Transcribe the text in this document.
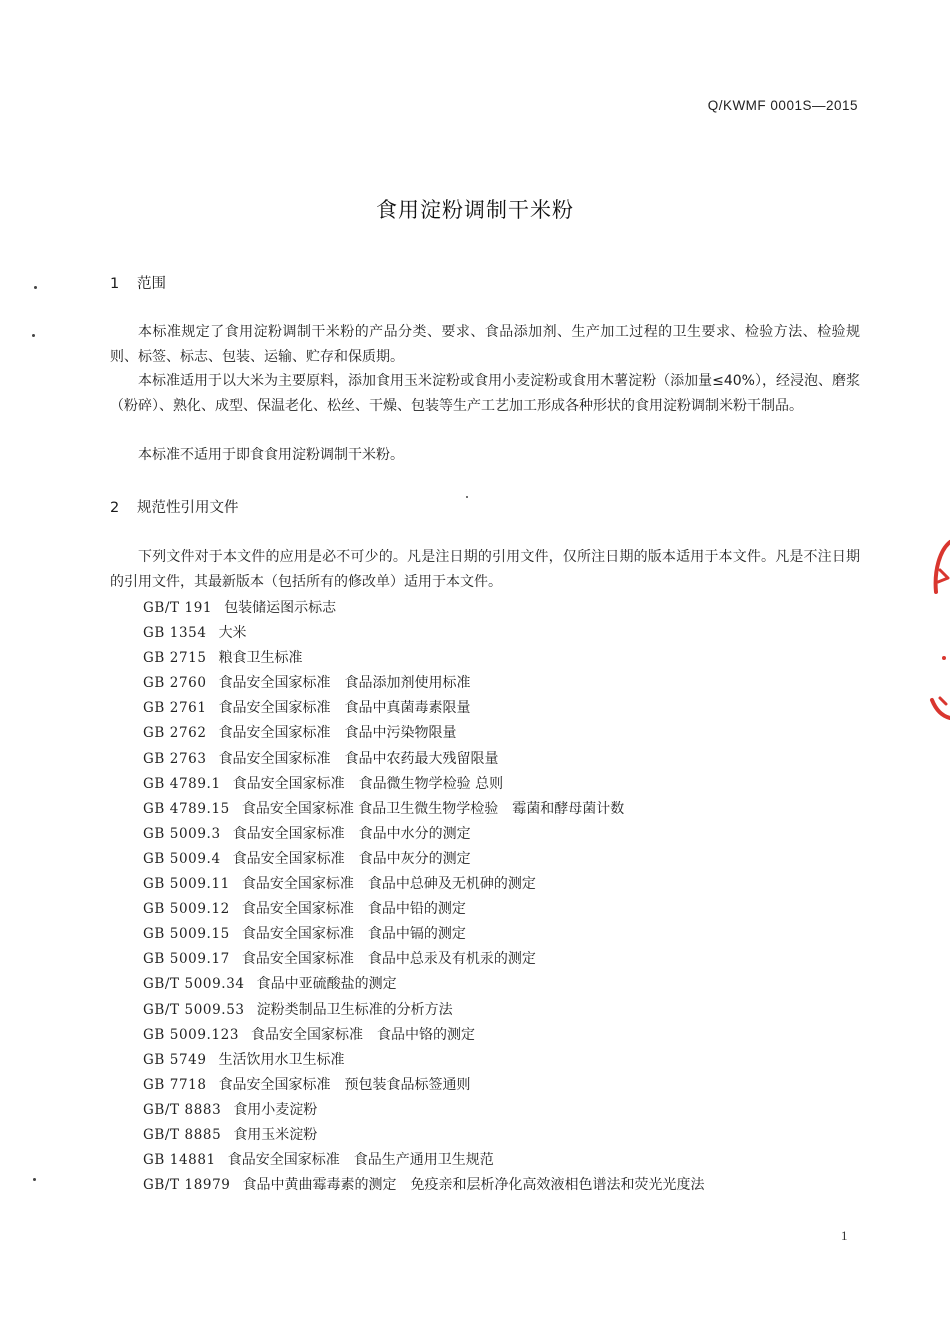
Q/KWMF 0001S—2015
食用淀粉调制干米粉
1 范围

本标准规定了食用淀粉调制干米粉的产品分类、要求、食品添加剂、生产加工过程的卫生要求、检验方法、检验规则、标签、标志、包装、运输、贮存和保质期。

本标准适用于以大米为主要原料，添加食用玉米淀粉或食用小麦淀粉或食用木薯淀粉（添加量≤40%），经浸泡、磨浆（粉碎）、熟化、成型、保温老化、松丝、干燥、包装等生产工艺加工形成各种形状的食用淀粉调制米粉干制品。

本标准不适用于即食食用淀粉调制干米粉。

2 规范性引用文件

下列文件对于本文件的应用是必不可少的。凡是注日期的引用文件，仅所注日期的版本适用于本文件。凡是不注日期的引用文件，其最新版本（包括所有的修改单）适用于本文件。

GB/T 191 包装储运图示标志
GB 1354 大米
GB 2715 粮食卫生标准
GB 2760 食品安全国家标准　食品添加剂使用标准
GB 2761 食品安全国家标准　食品中真菌毒素限量
GB 2762 食品安全国家标准　食品中污染物限量
GB 2763 食品安全国家标准　食品中农药最大残留限量
GB 4789.1 食品安全国家标准　食品微生物学检验 总则
GB 4789.15 食品安全国家标准 食品卫生微生物学检验　霉菌和酵母菌计数
GB 5009.3 食品安全国家标准　食品中水分的测定
GB 5009.4 食品安全国家标准　食品中灰分的测定
GB 5009.11 食品安全国家标准　食品中总砷及无机砷的测定
GB 5009.12 食品安全国家标准　食品中铅的测定
GB 5009.15 食品安全国家标准　食品中镉的测定
GB 5009.17 食品安全国家标准　食品中总汞及有机汞的测定
GB/T 5009.34 食品中亚硫酸盐的测定
GB/T 5009.53 淀粉类制品卫生标准的分析方法
GB 5009.123 食品安全国家标准　食品中铬的测定
GB 5749 生活饮用水卫生标准
GB 7718 食品安全国家标准　预包装食品标签通则
GB/T 8883 食用小麦淀粉
GB/T 8885 食用玉米淀粉
GB 14881 食品安全国家标准　食品生产通用卫生规范
GB/T 18979 食品中黄曲霉毒素的测定　免疫亲和层析净化高效液相色谱法和荧光光度法
1
